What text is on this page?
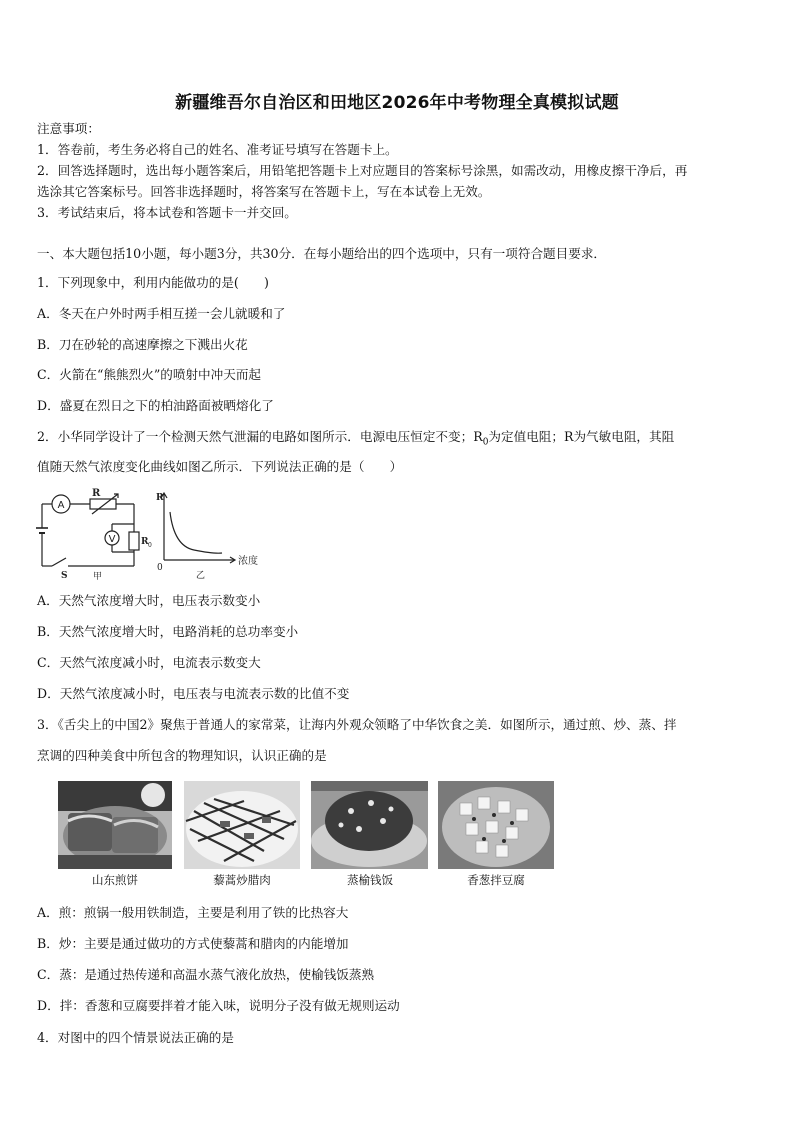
新疆维吾尔自治区和田地区2026年中考物理全真模拟试题
注意事项：
1．答卷前，考生务必将自己的姓名、准考证号填写在答题卡上。
2．回答选择题时，选出每小题答案后，用铅笔把答题卡上对应题目的答案标号涂黑，如需改动，用橡皮擦干净后，再
选涂其它答案标号。回答非选择题时，将答案写在答题卡上，写在本试卷上无效。
3．考试结束后，将本试卷和答题卡一并交回。
一、本大题包括10小题，每小题3分，共30分．在每小题给出的四个选项中，只有一项符合题目要求．
1．下列现象中，利用内能做功的是(　　)
A．冬天在户外时两手相互搓一会儿就暖和了
B．刀在砂轮的高速摩擦之下溅出火花
C．火箭在“熊熊烈火”的喷射中冲天而起
D．盛夏在烈日之下的柏油路面被晒熔化了
2．小华同学设计了一个检测天然气泄漏的电路如图所示．电源电压恒定不变；$R_0$为定值电阻；R为气敏电阻，其阻
值随天然气浓度变化曲线如图乙所示．下列说法正确的是（　　）
A
V
R
R 0
S	甲
R
0
浓度
乙
A．天然气浓度增大时，电压表示数变小
B．天然气浓度增大时，电路消耗的总功率变小
C．天然气浓度减小时，电流表示数变大
D．天然气浓度减小时，电压表与电流表示数的比值不变
3．《舌尖上的中国2》聚焦于普通人的家常菜，让海内外观众领略了中华饮食之美．如图所示，通过煎、炒、蒸、拌
烹调的四种美食中所包含的物理知识，认识正确的是
山东煎饼	藜蒿炒腊肉	蒸榆钱饭	香葱拌豆腐
A．煎：煎锅一般用铁制造，主要是利用了铁的比热容大
B．炒：主要是通过做功的方式使藜蒿和腊肉的内能增加
C．蒸：是通过热传递和高温水蒸气液化放热，使榆钱饭蒸熟
D．拌：香葱和豆腐要拌着才能入味，说明分子没有做无规则运动
4．对图中的四个情景说法正确的是
